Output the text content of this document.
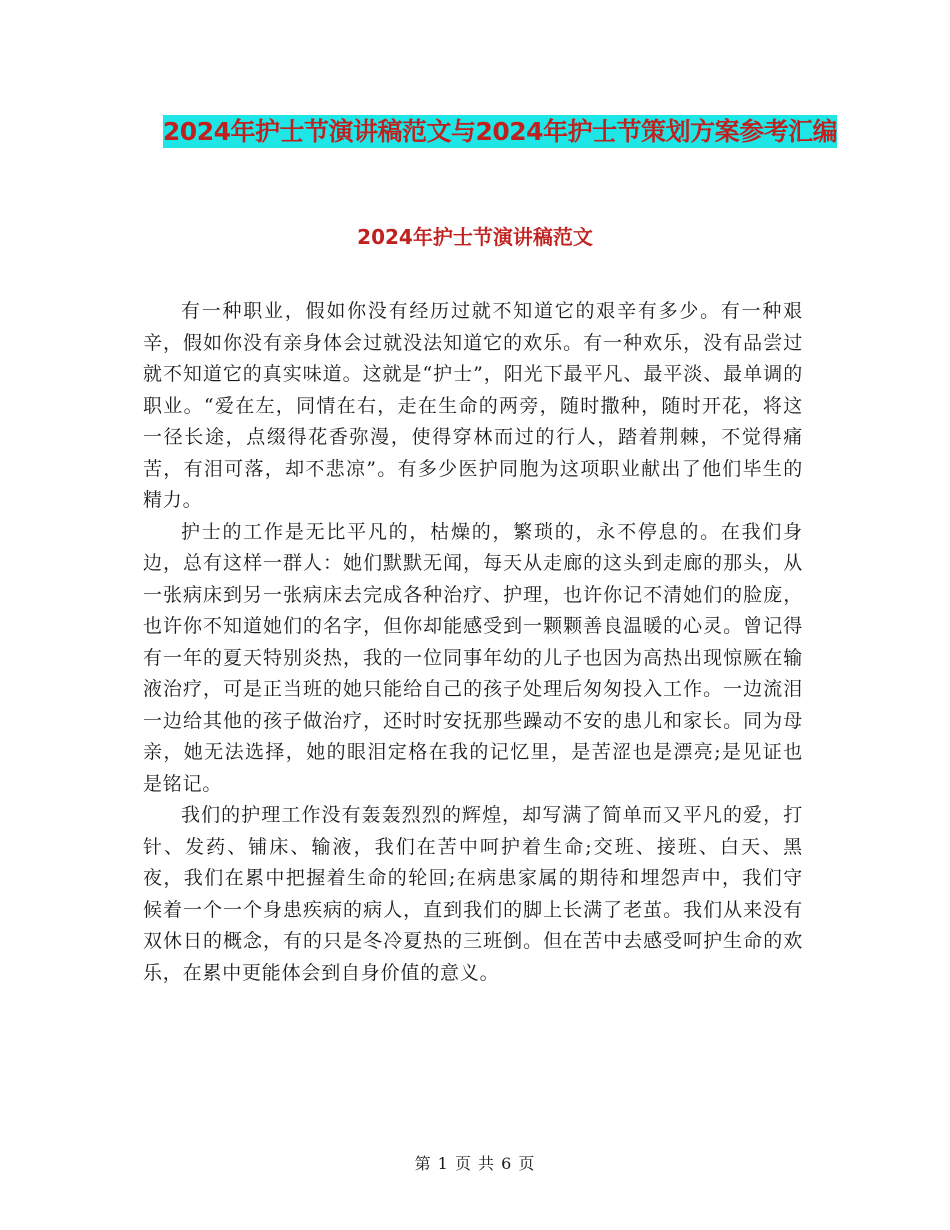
2024年护士节演讲稿范文与2024年护士节策划方案参考汇编
2024年护士节演讲稿范文

有一种职业，假如你没有经历过就不知道它的艰辛有多少。有一种艰辛，假如你没有亲身体会过就没法知道它的欢乐。有一种欢乐，没有品尝过就不知道它的真实味道。这就是“护士”，阳光下最平凡、最平淡、最单调的职业。“爱在左，同情在右，走在生命的两旁，随时撒种，随时开花，将这一径长途，点缀得花香弥漫，使得穿林而过的行人，踏着荆棘，不觉得痛苦，有泪可落，却不悲凉”。有多少医护同胞为这项职业献出了他们毕生的精力。

护士的工作是无比平凡的，枯燥的，繁琐的，永不停息的。在我们身边，总有这样一群人：她们默默无闻，每天从走廊的这头到走廊的那头，从一张病床到另一张病床去完成各种治疗、护理，也许你记不清她们的脸庞，也许你不知道她们的名字，但你却能感受到一颗颗善良温暖的心灵。曾记得有一年的夏天特别炎热，我的一位同事年幼的儿子也因为高热出现惊厥在输液治疗，可是正当班的她只能给自己的孩子处理后匆匆投入工作。一边流泪一边给其他的孩子做治疗，还时时安抚那些躁动不安的患儿和家长。同为母亲，她无法选择，她的眼泪定格在我的记忆里，是苦涩也是漂亮;是见证也是铭记。

我们的护理工作没有轰轰烈烈的辉煌，却写满了简单而又平凡的爱，打针、发药、铺床、输液，我们在苦中呵护着生命;交班、接班、白天、黑夜，我们在累中把握着生命的轮回;在病患家属的期待和埋怨声中，我们守候着一个一个身患疾病的病人，直到我们的脚上长满了老茧。我们从来没有双休日的概念，有的只是冬冷夏热的三班倒。但在苦中去感受呵护生命的欢乐，在累中更能体会到自身价值的意义。

第 1 页 共 6 页
